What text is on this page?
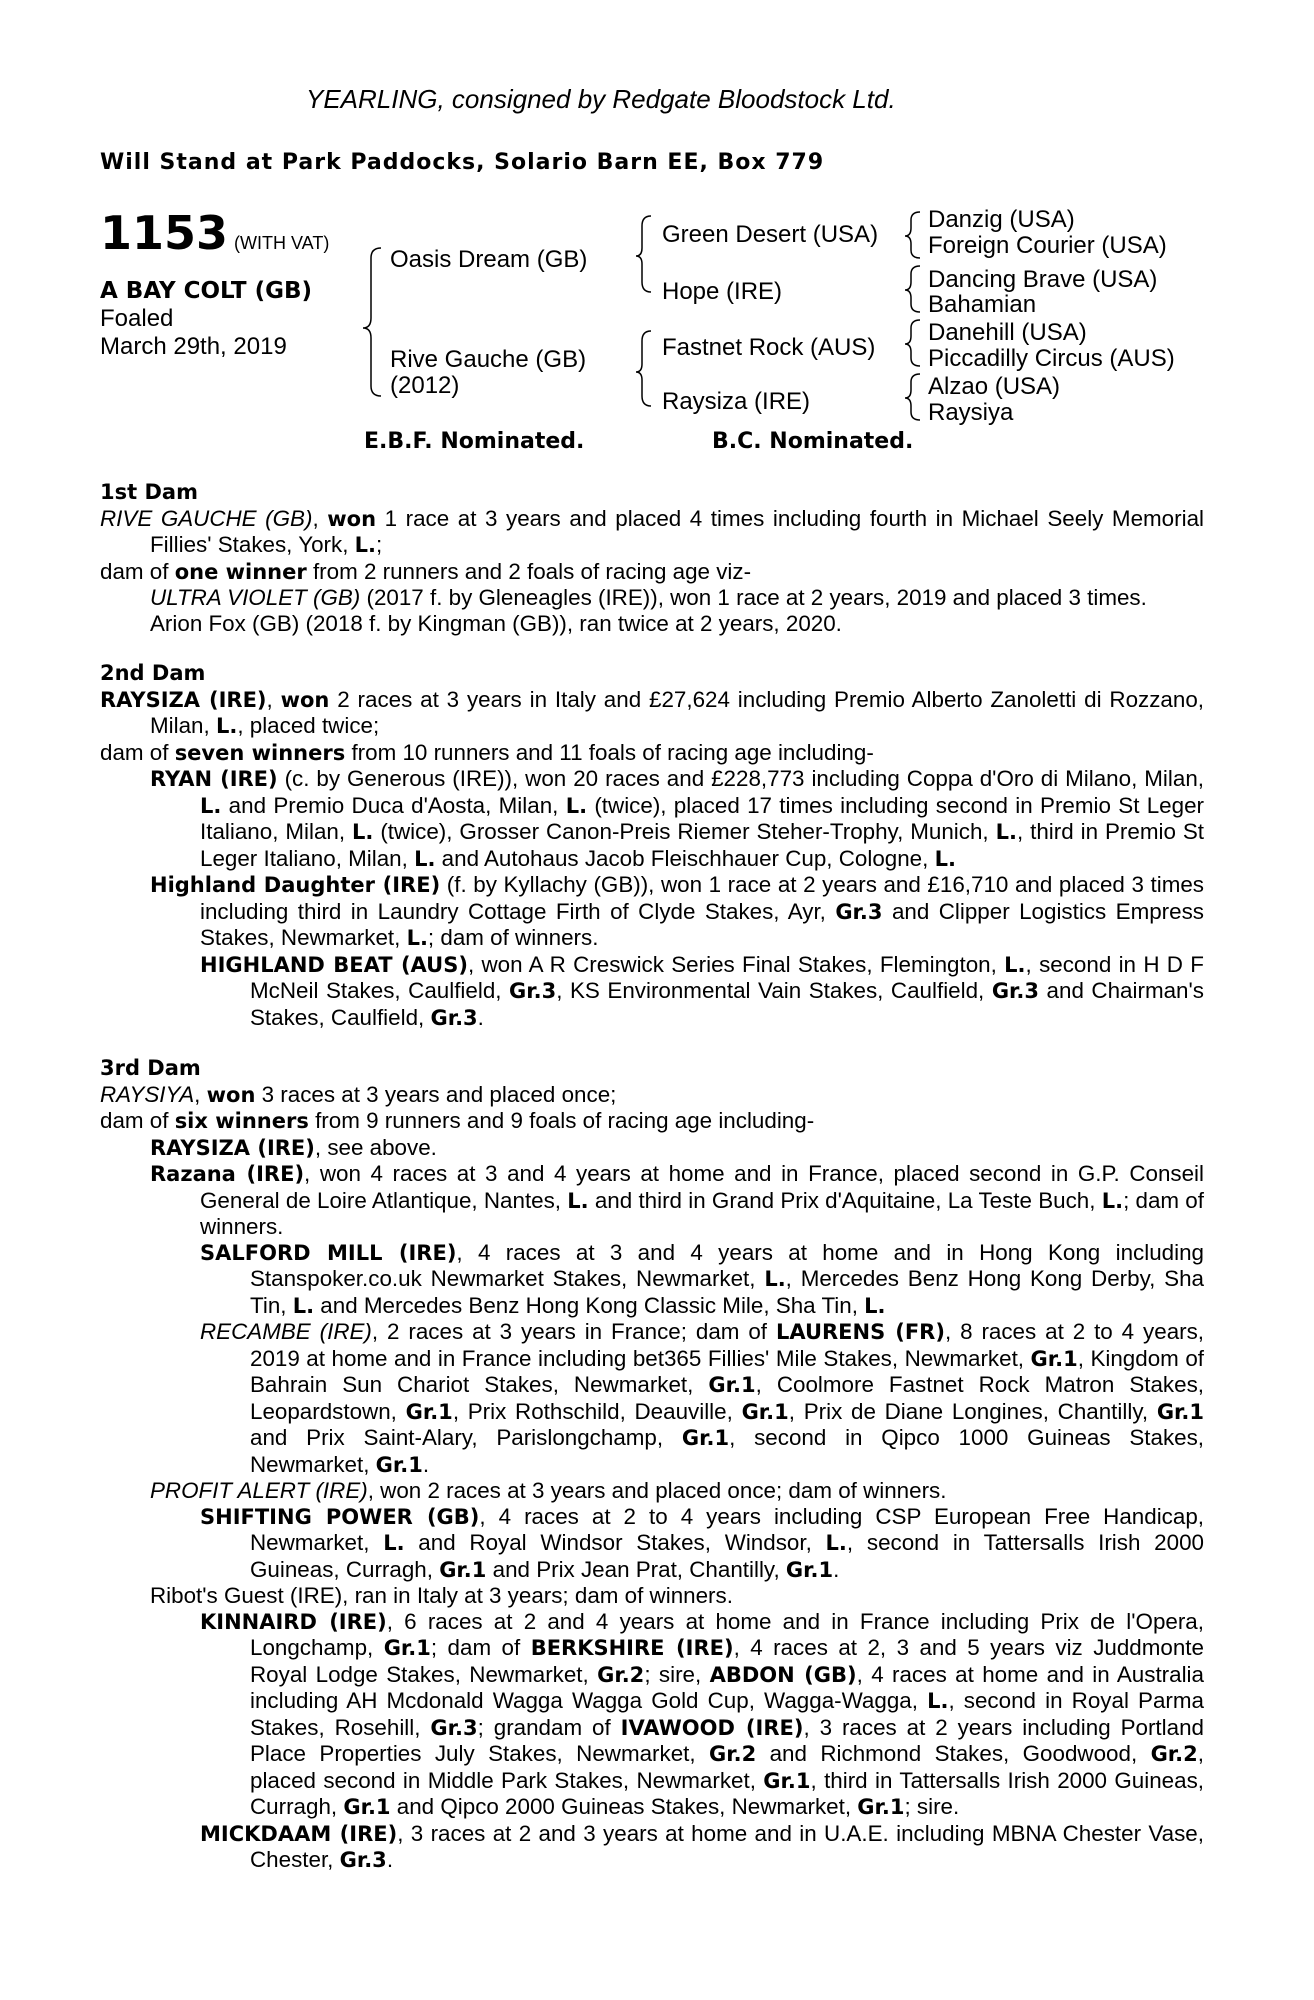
YEARLING, consigned by Redgate Bloodstock Ltd.
Will Stand at Park Paddocks, Solario Barn EE, Box 779
1153 (WITH VAT)
A BAY COLT (GB)
Foaled
March 29th, 2019
Oasis Dream (GB)
Rive Gauche (GB)
(2012)
Green Desert (USA)
Hope (IRE)
Fastnet Rock (AUS)
Raysiza (IRE)
Danzig (USA)
Foreign Courier (USA)
Dancing Brave (USA)
Bahamian
Danehill (USA)
Piccadilly Circus (AUS)
Alzao (USA)
Raysiya
E.B.F. Nominated.	B.C. Nominated.

1st Dam

RIVE GAUCHE (GB), won 1 race at 3 years and placed 4 times including fourth in Michael Seely Memorial Fillies' Stakes, York, L.;

dam of one winner from 2 runners and 2 foals of racing age viz-

ULTRA VIOLET (GB) (2017 f. by Gleneagles (IRE)), won 1 race at 2 years, 2019 and placed 3 times.

Arion Fox (GB) (2018 f. by Kingman (GB)), ran twice at 2 years, 2020.

2nd Dam

RAYSIZA (IRE), won 2 races at 3 years in Italy and £27,624 including Premio Alberto Zanoletti di Rozzano, Milan, L., placed twice;

dam of seven winners from 10 runners and 11 foals of racing age including-

RYAN (IRE) (c. by Generous (IRE)), won 20 races and £228,773 including Coppa d'Oro di Milano, Milan, L. and Premio Duca d'Aosta, Milan, L. (twice), placed 17 times including second in Premio St Leger Italiano, Milan, L. (twice), Grosser Canon-Preis Riemer Steher-Trophy, Munich, L., third in Premio St Leger Italiano, Milan, L. and Autohaus Jacob Fleischhauer Cup, Cologne, L.

Highland Daughter (IRE) (f. by Kyllachy (GB)), won 1 race at 2 years and £16,710 and placed 3 times including third in Laundry Cottage Firth of Clyde Stakes, Ayr, Gr.3 and Clipper Logistics Empress Stakes, Newmarket, L.; dam of winners.

HIGHLAND BEAT (AUS), won A R Creswick Series Final Stakes, Flemington, L., second in H D F McNeil Stakes, Caulfield, Gr.3, KS Environmental Vain Stakes, Caulfield, Gr.3 and Chairman's Stakes, Caulfield, Gr.3.

3rd Dam

RAYSIYA, won 3 races at 3 years and placed once;

dam of six winners from 9 runners and 9 foals of racing age including-

RAYSIZA (IRE), see above.

Razana (IRE), won 4 races at 3 and 4 years at home and in France, placed second in G.P. Conseil General de Loire Atlantique, Nantes, L. and third in Grand Prix d'Aquitaine, La Teste Buch, L.; dam of winners.

SALFORD MILL (IRE), 4 races at 3 and 4 years at home and in Hong Kong including Stanspoker.co.uk Newmarket Stakes, Newmarket, L., Mercedes Benz Hong Kong Derby, Sha Tin, L. and Mercedes Benz Hong Kong Classic Mile, Sha Tin, L.

RECAMBE (IRE), 2 races at 3 years in France; dam of LAURENS (FR), 8 races at 2 to 4 years, 2019 at home and in France including bet365 Fillies' Mile Stakes, Newmarket, Gr.1, Kingdom of Bahrain Sun Chariot Stakes, Newmarket, Gr.1, Coolmore Fastnet Rock Matron Stakes, Leopardstown, Gr.1, Prix Rothschild, Deauville, Gr.1, Prix de Diane Longines, Chantilly, Gr.1 and Prix Saint-Alary, Parislongchamp, Gr.1, second in Qipco 1000 Guineas Stakes, Newmarket, Gr.1.

PROFIT ALERT (IRE), won 2 races at 3 years and placed once; dam of winners.

SHIFTING POWER (GB), 4 races at 2 to 4 years including CSP European Free Handicap, Newmarket, L. and Royal Windsor Stakes, Windsor, L., second in Tattersalls Irish 2000 Guineas, Curragh, Gr.1 and Prix Jean Prat, Chantilly, Gr.1.

Ribot's Guest (IRE), ran in Italy at 3 years; dam of winners.

KINNAIRD (IRE), 6 races at 2 and 4 years at home and in France including Prix de l'Opera, Longchamp, Gr.1; dam of BERKSHIRE (IRE), 4 races at 2, 3 and 5 years viz Juddmonte Royal Lodge Stakes, Newmarket, Gr.2; sire, ABDON (GB), 4 races at home and in Australia including AH Mcdonald Wagga Wagga Gold Cup, Wagga-Wagga, L., second in Royal Parma Stakes, Rosehill, Gr.3; grandam of IVAWOOD (IRE), 3 races at 2 years including Portland Place Properties July Stakes, Newmarket, Gr.2 and Richmond Stakes, Goodwood, Gr.2, placed second in Middle Park Stakes, Newmarket, Gr.1, third in Tattersalls Irish 2000 Guineas, Curragh, Gr.1 and Qipco 2000 Guineas Stakes, Newmarket, Gr.1; sire.

MICKDAAM (IRE), 3 races at 2 and 3 years at home and in U.A.E. including MBNA Chester Vase, Chester, Gr.3.
